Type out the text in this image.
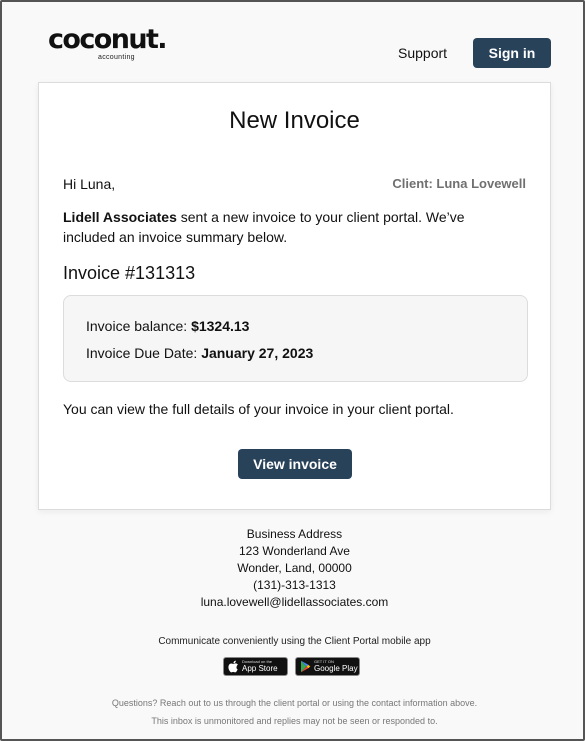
coconut.
accounting	Support	Sign in
New Invoice
Hi Luna,	Client: Luna Lovewell
Lidell Associates sent a new invoice to your client portal. We’ve included an invoice summary below.
Invoice #131313
Invoice balance: $1324.13
Invoice Due Date: January 27, 2023
You can view the full details of your invoice in your client portal.
View invoice
Business Address
123 Wonderland Ave
Wonder, Land, 00000
(131)-313-1313
luna.lovewell@lidellassociates.com
Communicate conveniently using the Client Portal mobile app
Download on the
App Store
GET IT ON
Google Play
Questions? Reach out to us through the client portal or using the contact information above.
This inbox is unmonitored and replies may not be seen or responded to.
